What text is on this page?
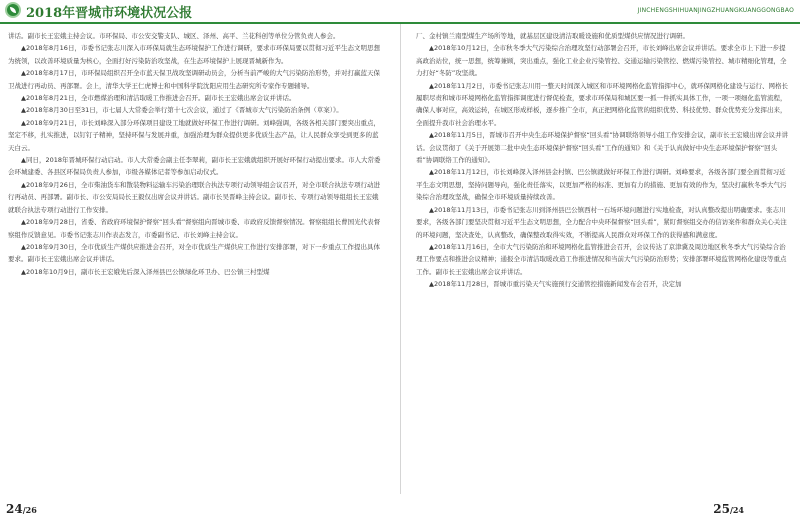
2018年晋城市环境状况公报	JINCHENGSHIHUANJINGZHUANGKUANGGONGBAO

讲话。副市长王宏娥主持会议。市环保局、市公安交警支队、城区、泽州、高平、兰花科创等单位分管负责人参会。

▲2018年8月16日，市委书记张志川深入市环保局就生态环境保护工作进行调研，要求市环保局要以贯彻习近平生态文明思想为统领，以改善环境质量为核心，全面打好污染防治攻坚战，在生态环境保护上展现晋城新作为。

▲2018年8月17日，市环保局组织召开全市蓝天保卫战攻坚调研动员会，分析当前严峻的大气污染防治形势，并对打赢蓝天保卫战进行再动员、再部署。会上，清华大学王仁虎博士和中国科学院沈阳应用生态研究所专家作专题辅导。

▲2018年8月21日，全市燃煤治理和清洁取暖工作推进会召开。副市长王宏娥出席会议并讲话。

▲2018年8月30日至31日，市七届人大常委会举行第十七次会议，通过了《晋城市大气污染防治条例（草案）》。

▲2018年9月21日，市长刘峰深入部分环保项目建设工地就做好环保工作进行调研。刘峰强调，各级各相关部门要突出重点，坚定不移，扎实推进，以钉钉子精神，坚持环保与发展并重，加强治理为群众提供更多优质生态产品，让人民群众享受到更多的蓝天白云。

▲同日，2018年晋城环保行动启动。市人大常委会副主任李翠莉，副市长王宏娥就组织开展好环保行动提出要求。市人大常委会环城建委、各县区环保局负责人参加，市级各媒体记者等参加启动仪式。

▲2018年9月26日，全市柴油货车和散装物料运输车污染治理联合执法专项行动领导组会议召开，对全市联合执法专项行动进行再动员、再部署。副市长、市公安局局长王毅仅出席会议并讲话。副市长吴晋峰主持会议。副市长、专项行动领导组组长王宏娥就联合执法专项行动进行工作安排。

▲2018年9月28日，省委、省政府环境保护督察“回头看”督察组向晋城市委、市政府反馈督察情况。督察组组长曹国光代表督察组作反馈意见。市委书记张志川作表态发言，市委副书记、市长刘峰主持会议。

▲2018年9月30日，全市优质生产煤供应推进会召开，对全市优质生产煤供应工作进行安排部署，对下一步重点工作提出具体要求。副市长王宏娥出席会议并讲话。

▲2018年10月9日，副市长王宏娥先后深入泽州县巴公镇绿化环卫办、巴公镇三村型煤

厂、金村镇兰南型煤生产场所等地，就基层区建设清洁取暖设施和优质型煤供应情况进行调研。

▲2018年10月12日，全市秋冬季大气污染综合治理攻坚行动部署会召开，市长刘峰出席会议并讲话。要求全市上下进一步提高政治站位，统一思想，统筹兼顾，突出重点，强化工业企业污染管控、交通运输污染管控、燃煤污染管控、城市精细化管理，全力打好“冬防”攻坚战。

▲2018年11月2日，市委书记张志川用一整天时间深入城区和市环境网格化监管指挥中心，就环保网格化建设与运行、网格长履职尽责和城市环境网格化监管指挥调度进行督促检查，要求市环保局和城区要一抓一件抓实具体工作，一项一项细化监管流程，确保人事对应，高效运转，在城区形成样板，逐步推广全市，真正把网格化监管的组织优势、科技优势、群众优势充分发挥出来，全面提升我市社会治理水平。

▲2018年11月5日，晋城市召开中央生态环境保护督察“回头看”协调联络领导小组工作安排会议，副市长王宏娥出席会议并讲话。会议贯彻了《关于开展第二批中央生态环境保护督察“回头看”工作的通知》和《关于认真做好中央生态环境保护督察“回头看”协调联络工作的通知》。

▲2018年11月12日，市长刘峰深入泽州县金村镇、巴公镇就做好环保工作进行调研。刘峰要求，各级各部门要全面贯彻习近平生态文明思想，坚持问题导向，强化责任落实，以更加严格的标准、更加有力的措施、更加有效的作为，坚决打赢秋冬季大气污染综合治理攻坚战，确保全市环境质量持续改善。

▲2018年11月13日，市委书记张志川到泽州县巴公镇西村一石场环境问题进行实地检查，对认真整改提出明确要求。张志川要求，各级各部门要坚决贯彻习近平生态文明思想，全力配合中央环保督察“回头看”，紧盯督察组交办的信访案件和群众关心关注的环境问题，坚决查处，认真整改，确保整改取得实效，不断提高人民群众对环保工作的获得感和满意度。

▲2018年11月16日，全市大气污染防治和环境网格化监管推进会召开，会议传达了京津冀及周边地区秋冬季大气污染综合治理工作要点和推进会议精神；通报全市清洁取暖改造工作推进情况和当前大气污染防治形势；安排部署环境监管网格化建设等重点工作。副市长王宏娥出席会议并讲话。

▲2018年11月28日，晋城市重污染天气实施预行交通管控措施新闻发布会召开，决定加

24/26	25/24
